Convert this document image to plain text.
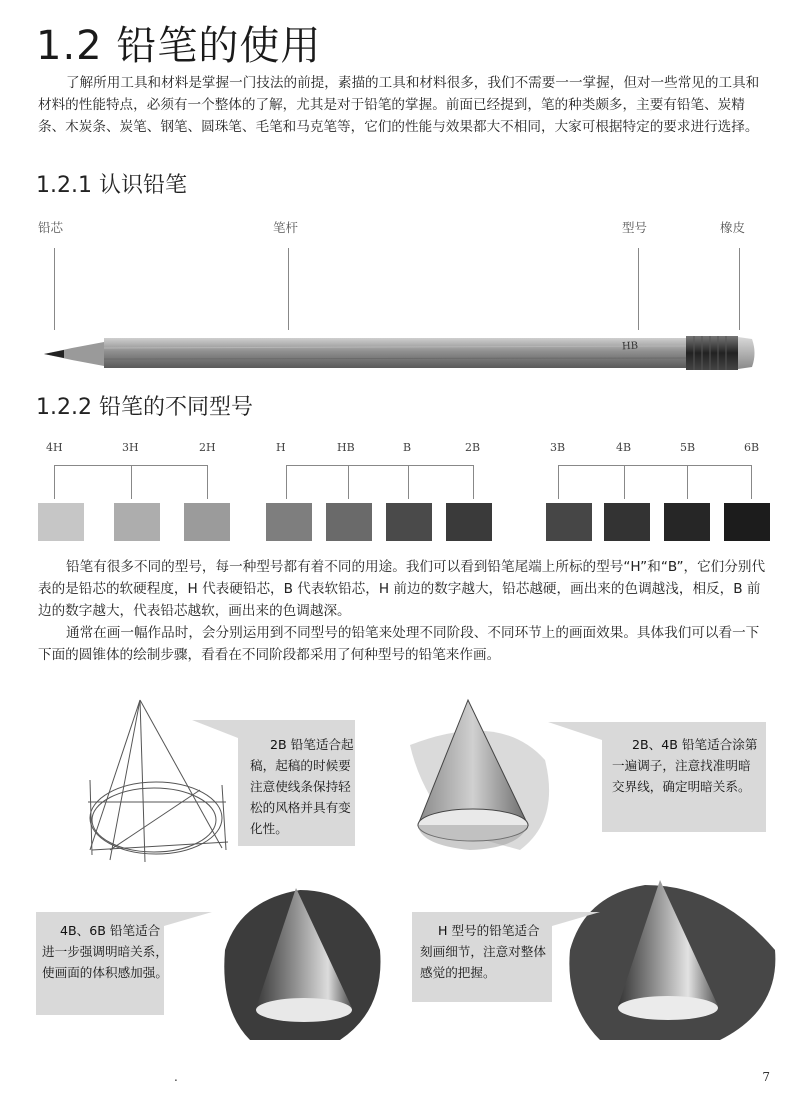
1.2 铅笔的使用
了解所用工具和材料是掌握一门技法的前提，素描的工具和材料很多，我们不需要一一掌握，但对一些常见的工具和材料的性能特点，必须有一个整体的了解，尤其是对于铅笔的掌握。前面已经提到，笔的种类颇多，主要有铅笔、炭精条、木炭条、炭笔、钢笔、圆珠笔、毛笔和马克笔等，它们的性能与效果都大不相同，大家可根据特定的要求进行选择。
1.2.1 认识铅笔
铅芯	笔杆	型号	橡皮
HB
1.2.2 铅笔的不同型号
4H	3H	2H	H	HB	B	2B	3B	4B	5B	6B
铅笔有很多不同的型号，每一种型号都有着不同的用途。我们可以看到铅笔尾端上所标的型号“H”和“B”，它们分别代表的是铅芯的软硬程度，H 代表硬铅芯，B 代表软铅芯，H 前边的数字越大，铅芯越硬，画出来的色调越浅，相反，B 前边的数字越大，代表铅芯越软，画出来的色调越深。
通常在画一幅作品时，会分别运用到不同型号的铅笔来处理不同阶段、不同环节上的画面效果。具体我们可以看一下下面的圆锥体的绘制步骤，看看在不同阶段都采用了何种型号的铅笔来作画。
2B 铅笔适合起稿，起稿的时候要注意使线条保持轻松的风格并具有变化性。
2B、4B 铅笔适合涂第一遍调子，注意找准明暗交界线，确定明暗关系。
4B、6B 铅笔适合进一步强调明暗关系，使画面的体积感加强。
H 型号的铅笔适合刻画细节，注意对整体感觉的把握。
.	7
